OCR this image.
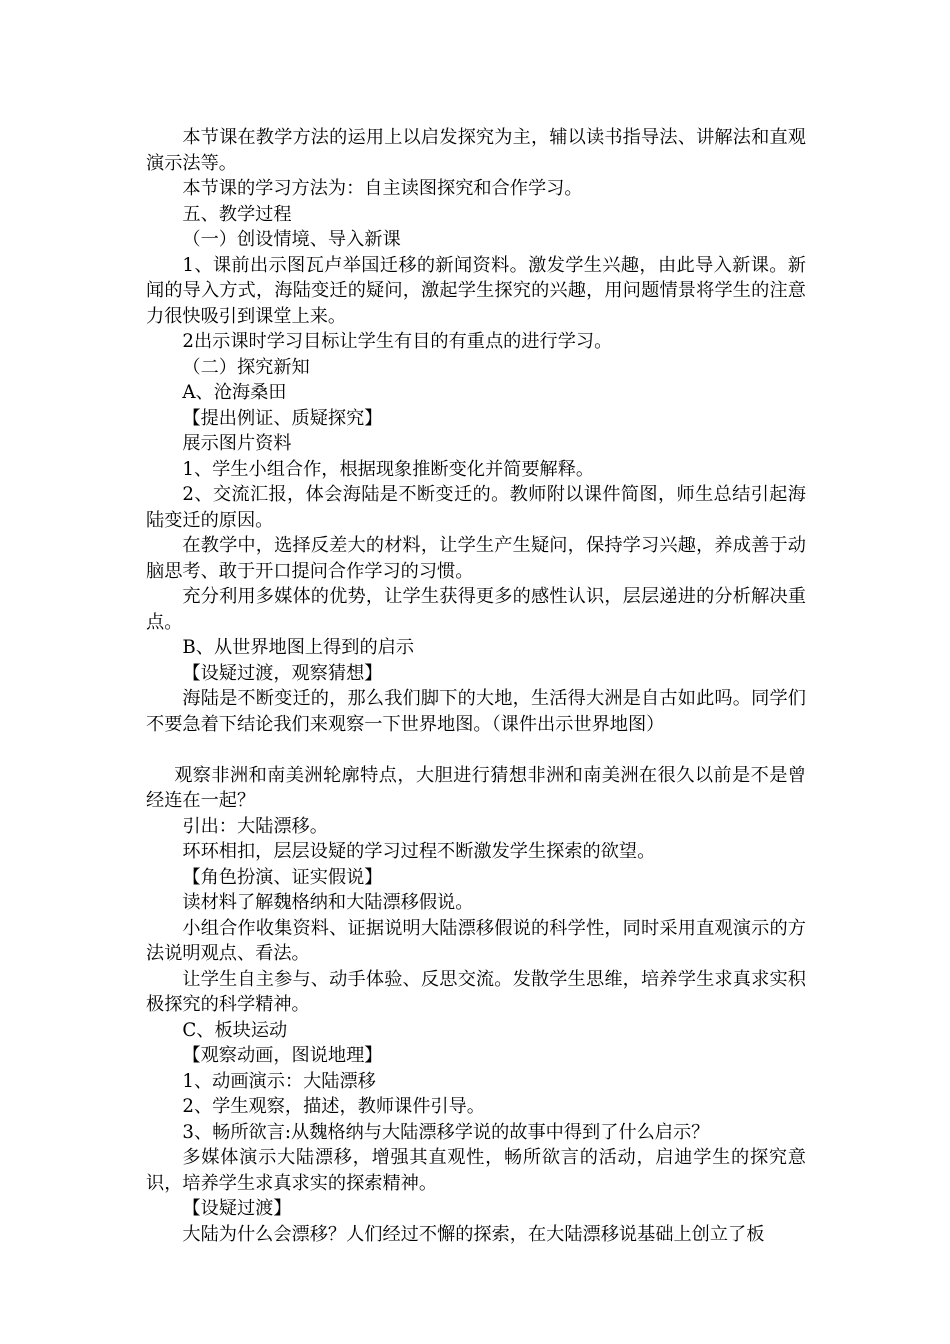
本节课在教学方法的运用上以启发探究为主，辅以读书指导法、讲解法和直观演示法等。

本节课的学习方法为：自主读图探究和合作学习。

五、教学过程

（一）创设情境、导入新课

1、课前出示图瓦卢举国迁移的新闻资料。激发学生兴趣，由此导入新课。新闻的导入方式，海陆变迁的疑问，激起学生探究的兴趣，用问题情景将学生的注意力很快吸引到课堂上来。

2出示课时学习目标让学生有目的有重点的进行学习。

（二）探究新知

A、沧海桑田

【提出例证、质疑探究】

展示图片资料

1、学生小组合作，根据现象推断变化并简要解释。

2、交流汇报，体会海陆是不断变迁的。教师附以课件简图，师生总结引起海陆变迁的原因。

在教学中，选择反差大的材料，让学生产生疑问，保持学习兴趣，养成善于动脑思考、敢于开口提问合作学习的习惯。

充分利用多媒体的优势，让学生获得更多的感性认识，层层递进的分析解决重点。

B、从世界地图上得到的启示

【设疑过渡，观察猜想】

海陆是不断变迁的，那么我们脚下的大地，生活得大洲是自古如此吗。同学们不要急着下结论我们来观察一下世界地图。（课件出示世界地图）

观察非洲和南美洲轮廓特点，大胆进行猜想非洲和南美洲在很久以前是不是曾经连在一起？

引出：大陆漂移。

环环相扣，层层设疑的学习过程不断激发学生探索的欲望。

【角色扮演、证实假说】

读材料了解魏格纳和大陆漂移假说。

小组合作收集资料、证据说明大陆漂移假说的科学性，同时采用直观演示的方法说明观点、看法。

让学生自主参与、动手体验、反思交流。发散学生思维，培养学生求真求实积极探究的科学精神。

C、板块运动

【观察动画，图说地理】

1、动画演示：大陆漂移

2、学生观察，描述，教师课件引导。

3、畅所欲言:从魏格纳与大陆漂移学说的故事中得到了什么启示？

多媒体演示大陆漂移，增强其直观性，畅所欲言的活动，启迪学生的探究意识，培养学生求真求实的探索精神。

【设疑过渡】

大陆为什么会漂移？人们经过不懈的探索，在大陆漂移说基础上创立了板
